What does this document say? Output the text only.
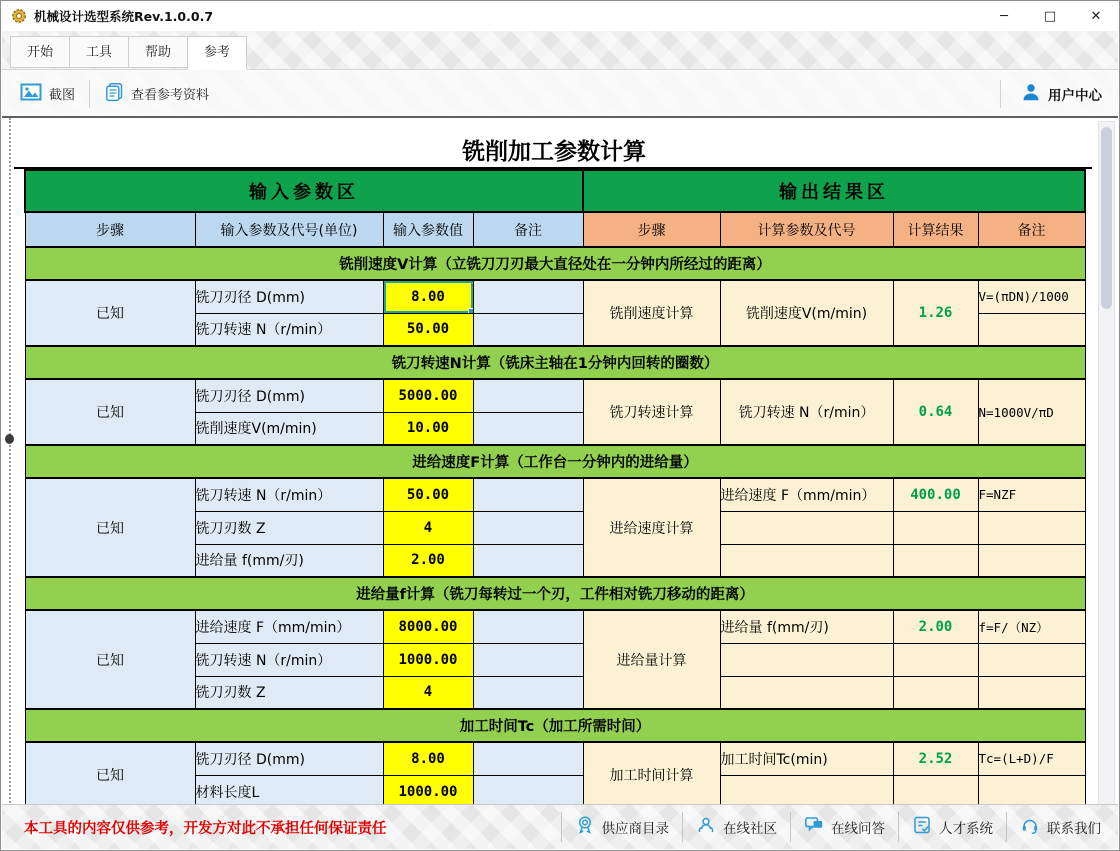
机械设计选型系统Rev.1.0.0.7	─	□	✕
开始	工具	帮助	参考
截图	查看参考资料	用户中心
铣削加工参数计算
输入参数区				输出结果区			
步骤	输入参数及代号(单位)	输入参数值	备注	步骤	计算参数及代号	计算结果	备注
铣削速度V计算（立铣刀刀刃最大直径处在一分钟内所经过的距离）							
已知	铣刀刃径 D(mm)	8.00		铣削速度计算	铣削速度V(m/min)	1.26	V=(πDN)/1000
	铣刀转速 N（r/min）	50.00					
铣刀转速N计算（铣床主轴在1分钟内回转的圈数）							
已知	铣刀刃径 D(mm)	5000.00		铣刀转速计算	铣刀转速 N（r/min）	0.64	N=1000V/πD
	铣削速度V(m/min)	10.00					
进给速度F计算（工作台一分钟内的进给量）							
已知	铣刀转速 N（r/min）	50.00		进给速度计算	进给速度 F（mm/min）	400.00	F=NZF
	铣刀刃数 Z	4					
	进给量 f(mm/刃)	2.00					
进给量f计算（铣刀每转过一个刃，工件相对铣刀移动的距离）							
已知	进给速度 F（mm/min）	8000.00		进给量计算	进给量 f(mm/刃)	2.00	f=F/（NZ）
	铣刀转速 N（r/min）	1000.00					
	铣刀刃数 Z	4					
加工时间Tc（加工所需时间）							
已知	铣刀刃径 D(mm)	8.00		加工时间计算	加工时间Tc(min)	2.52	Tc=(L+D)/F
	材料长度L	1000.00					
本工具的内容仅供参考，开发方对此不承担任何保证责任	供应商目录	在线社区	在线问答	人才系统	联系我们
